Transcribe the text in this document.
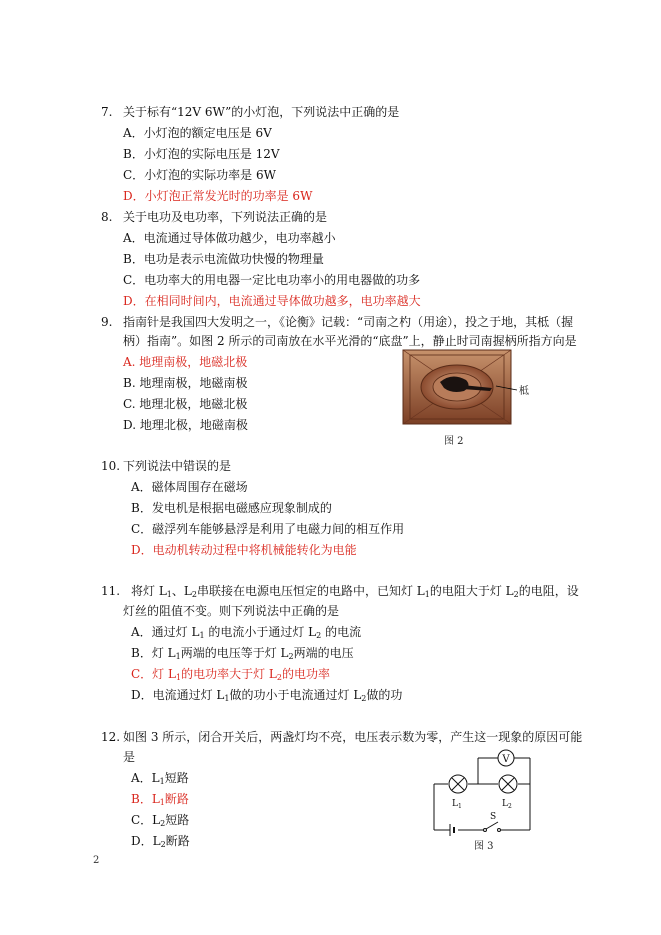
7. 关于标有“12V 6W”的小灯泡，下列说法中正确的是
A．小灯泡的额定电压是 6V
B．小灯泡的实际电压是 12V
C．小灯泡的实际功率是 6W
D．小灯泡正常发光时的功率是 6W
8. 关于电功及电功率，下列说法正确的是
A．电流通过导体做功越少，电功率越小
B．电功是表示电流做功快慢的物理量
C．电功率大的用电器一定比电功率小的用电器做的功多
D．在相同时间内，电流通过导体做功越多，电功率越大
9. 指南针是我国四大发明之一，《论衡》记载：“司南之杓（用途），投之于地，其柢（握
柄）指南”。如图 2 所示的司南放在水平光滑的“底盘”上，静止时司南握柄所指方向是
A. 地理南极，地磁北极
B. 地理南极，地磁南极
C. 地理北极，地磁北极
D. 地理北极，地磁南极
柢
图 2
10. 下列说法中错误的是
A．磁体周围存在磁场
B．发电机是根据电磁感应现象制成的
C．磁浮列车能够悬浮是利用了电磁力间的相互作用
D．电动机转动过程中将机械能转化为电能
11. 将灯 $L_1$、$L_2$串联接在电源电压恒定的电路中，已知灯 $L_1$的电阻大于灯 $L_2$的电阻，设
灯丝的阻值不变。则下列说法中正确的是
A．通过灯 $L_1$ 的电流小于通过灯 $L_2$ 的电流
B．灯 $L_1$两端的电压等于灯 $L_2$两端的电压
C．灯 $L_1$的电功率大于灯 $L_2$的电功率
D．电流通过灯 $L_1$做的功小于电流通过灯 $L_2$做的功
12. 如图 3 所示，闭合开关后，两盏灯均不亮，电压表示数为零，产生这一现象的原因可能
是
A．$L_1$短路
B．$L_1$断路
C．$L_2$短路
D．$L_2$断路
V
$L_1$	$L_2$
S
图 3
2
